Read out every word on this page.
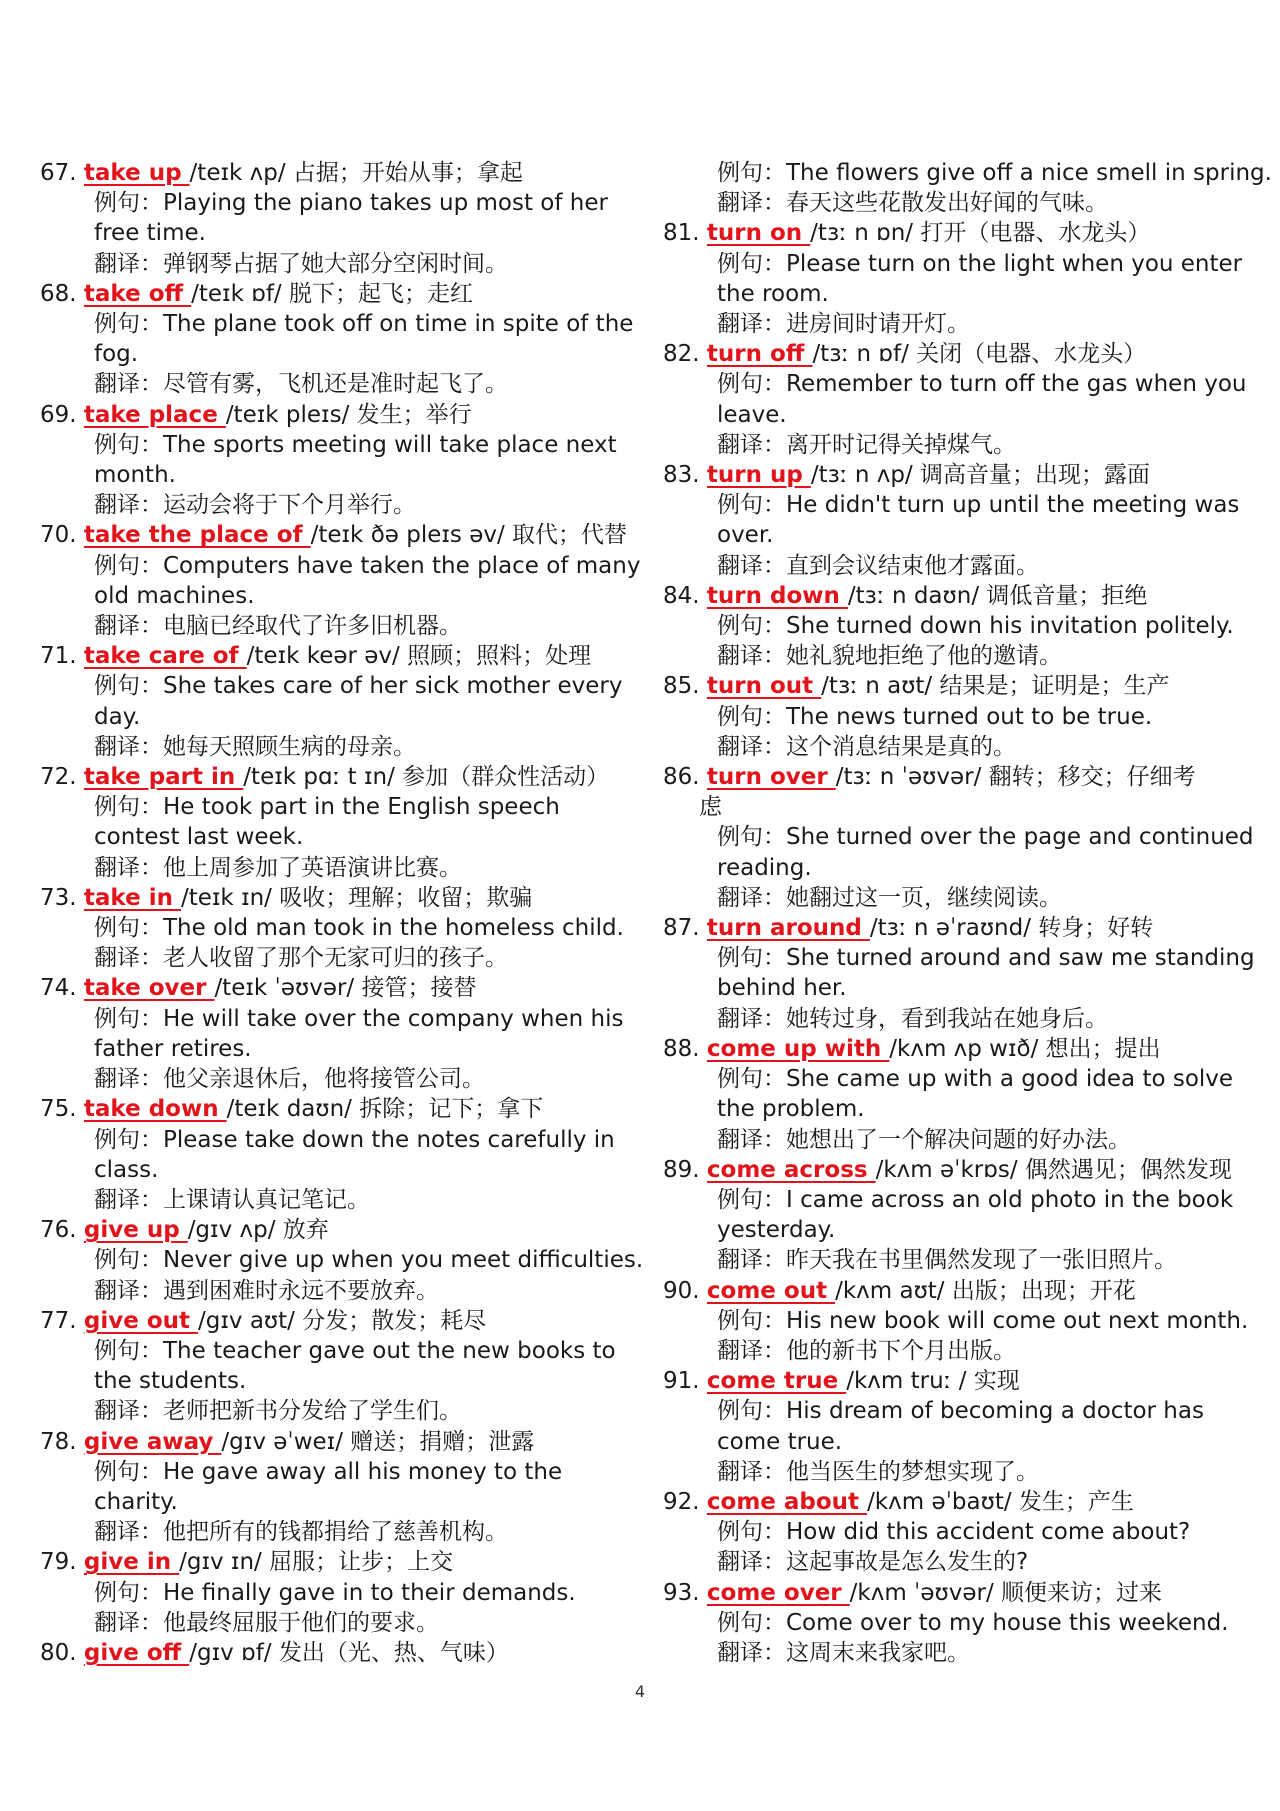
67. take up /teɪk ʌp/ 占据；开始从事；拿起
例句：Playing the piano takes up most of her
free time.
翻译：弹钢琴占据了她大部分空闲时间。
68. take off /teɪk ɒf/ 脱下；起飞；走红
例句：The plane took off on time in spite of the
fog.
翻译：尽管有雾，飞机还是准时起飞了。
69. take place /teɪk pleɪs/ 发生；举行
例句：The sports meeting will take place next
month.
翻译：运动会将于下个月举行。
70. take the place of /teɪk ðə pleɪs əv/ 取代；代替
例句：Computers have taken the place of many
old machines.
翻译：电脑已经取代了许多旧机器。
71. take care of /teɪk keər əv/ 照顾；照料；处理
例句：She takes care of her sick mother every
day.
翻译：她每天照顾生病的母亲。
72. take part in /teɪk pɑː t ɪn/ 参加（群众性活动）
例句：He took part in the English speech
contest last week.
翻译：他上周参加了英语演讲比赛。
73. take in /teɪk ɪn/ 吸收；理解；收留；欺骗
例句：The old man took in the homeless child.
翻译：老人收留了那个无家可归的孩子。
74. take over /teɪk ˈəʊvər/ 接管；接替
例句：He will take over the company when his
father retires.
翻译：他父亲退休后，他将接管公司。
75. take down /teɪk daʊn/ 拆除；记下；拿下
例句：Please take down the notes carefully in
class.
翻译：上课请认真记笔记。
76. give up /gɪv ʌp/ 放弃
例句：Never give up when you meet difficulties.
翻译：遇到困难时永远不要放弃。
77. give out /gɪv aʊt/ 分发；散发；耗尽
例句：The teacher gave out the new books to
the students.
翻译：老师把新书分发给了学生们。
78. give away /gɪv əˈweɪ/ 赠送；捐赠；泄露
例句：He gave away all his money to the
charity.
翻译：他把所有的钱都捐给了慈善机构。
79. give in /gɪv ɪn/ 屈服；让步；上交
例句：He finally gave in to their demands.
翻译：他最终屈服于他们的要求。
80. give off /gɪv ɒf/ 发出（光、热、气味）
例句：The flowers give off a nice smell in spring.
翻译：春天这些花散发出好闻的气味。
81. turn on /tɜː n ɒn/ 打开（电器、水龙头）
例句：Please turn on the light when you enter
the room.
翻译：进房间时请开灯。
82. turn off /tɜː n ɒf/ 关闭（电器、水龙头）
例句：Remember to turn off the gas when you
leave.
翻译：离开时记得关掉煤气。
83. turn up /tɜː n ʌp/ 调高音量；出现；露面
例句：He didn't turn up until the meeting was
over.
翻译：直到会议结束他才露面。
84. turn down /tɜː n daʊn/ 调低音量；拒绝
例句：She turned down his invitation politely.
翻译：她礼貌地拒绝了他的邀请。
85. turn out /tɜː n aʊt/ 结果是；证明是；生产
例句：The news turned out to be true.
翻译：这个消息结果是真的。
86. turn over /tɜː n ˈəʊvər/ 翻转；移交；仔细考
虑
例句：She turned over the page and continued
reading.
翻译：她翻过这一页，继续阅读。
87. turn around /tɜː n əˈraʊnd/ 转身；好转
例句：She turned around and saw me standing
behind her.
翻译：她转过身，看到我站在她身后。
88. come up with /kʌm ʌp wɪð/ 想出；提出
例句：She came up with a good idea to solve
the problem.
翻译：她想出了一个解决问题的好办法。
89. come across /kʌm əˈkrɒs/ 偶然遇见；偶然发现
例句：I came across an old photo in the book
yesterday.
翻译：昨天我在书里偶然发现了一张旧照片。
90. come out /kʌm aʊt/ 出版；出现；开花
例句：His new book will come out next month.
翻译：他的新书下个月出版。
91. come true /kʌm truː / 实现
例句：His dream of becoming a doctor has
come true.
翻译：他当医生的梦想实现了。
92. come about /kʌm əˈbaʊt/ 发生；产生
例句：How did this accident come about?
翻译：这起事故是怎么发生的?
93. come over /kʌm ˈəʊvər/ 顺便来访；过来
例句：Come over to my house this weekend.
翻译：这周末来我家吧。
4
